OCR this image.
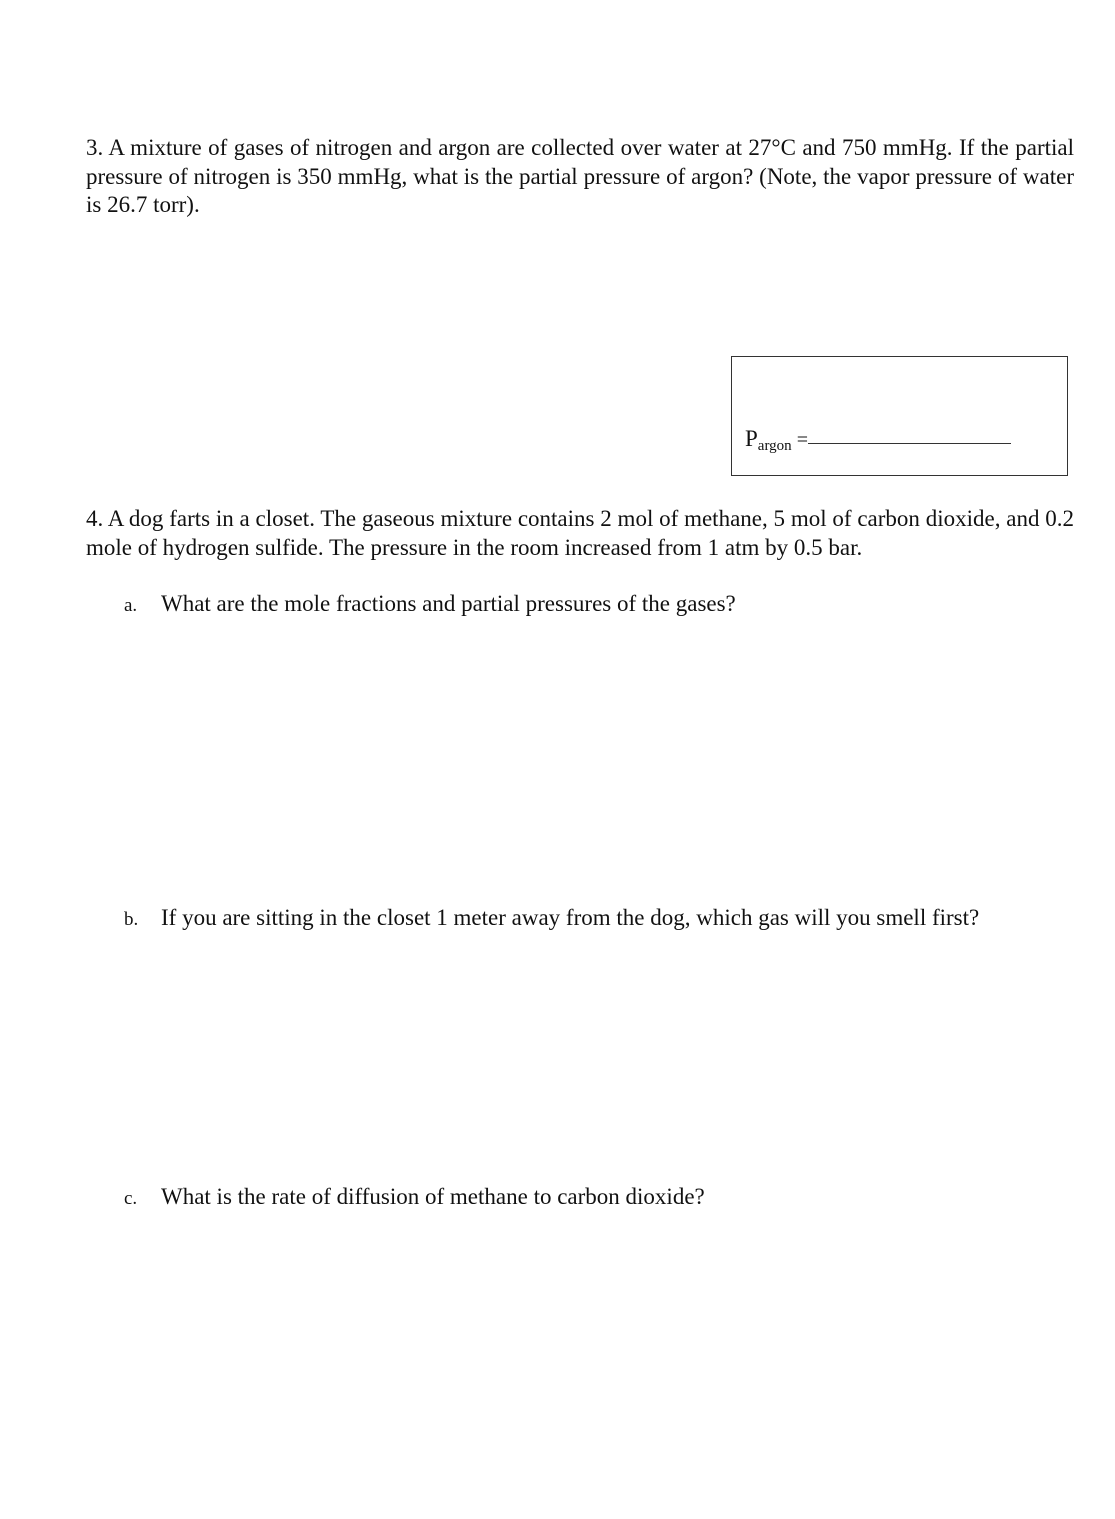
3. A mixture of gases of nitrogen and argon are collected over water at 27°C and 750 mmHg. If the partial pressure of nitrogen is 350 mmHg, what is the partial pressure of argon? (Note, the vapor pressure of water is 26.7 torr).

Pargon =

4. A dog farts in a closet. The gaseous mixture contains 2 mol of methane, 5 mol of carbon dioxide, and 0.2 mole of hydrogen sulfide. The pressure in the room increased from 1 atm by 0.5 bar.

a. What are the mole fractions and partial pressures of the gases?
b. If you are sitting in the closet 1 meter away from the dog, which gas will you smell first?
c. What is the rate of diffusion of methane to carbon dioxide?
